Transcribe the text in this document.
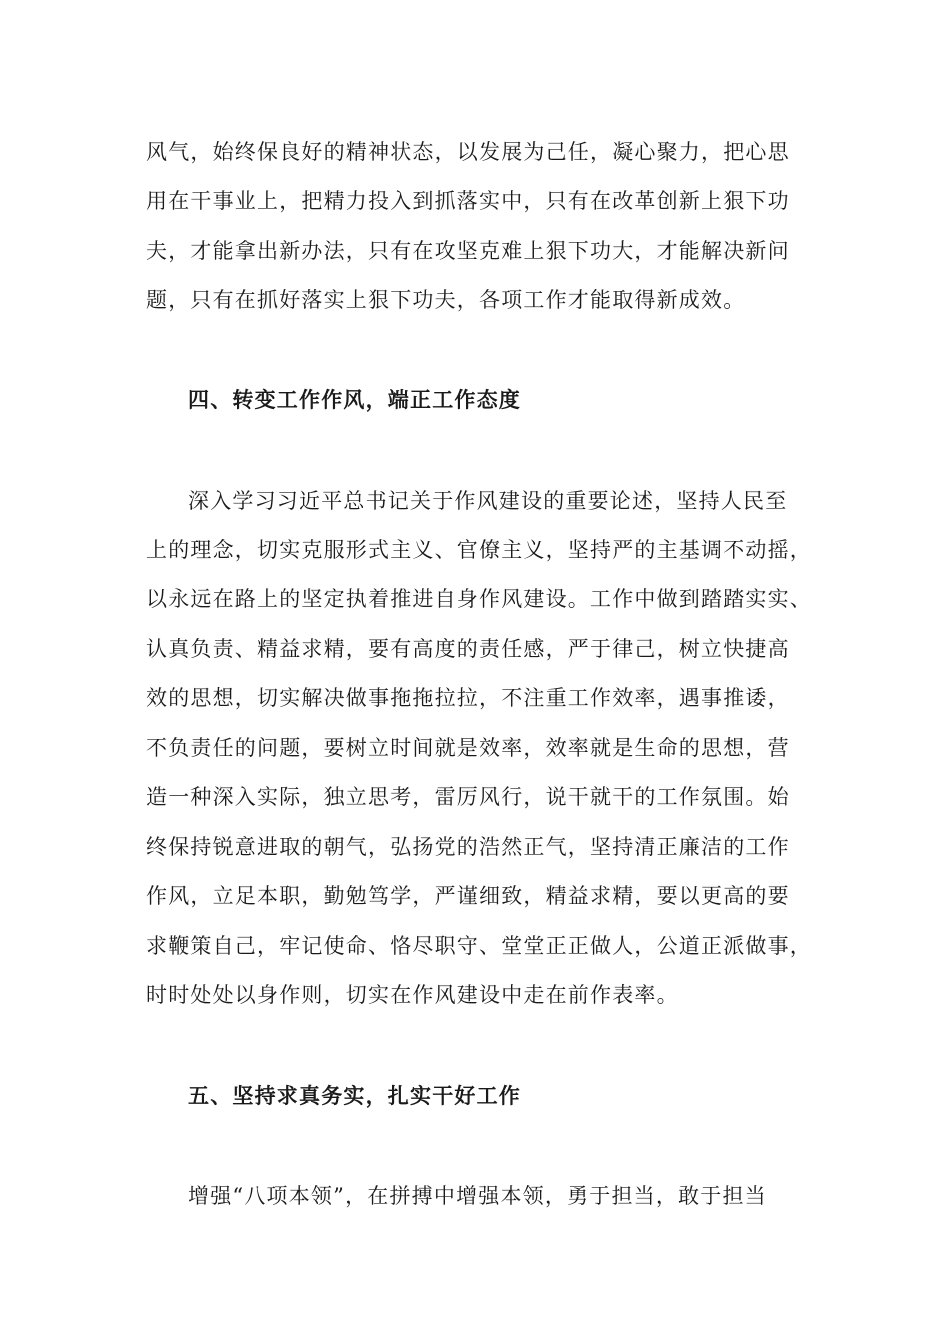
风气，始终保良好的精神状态，以发展为己任，凝心聚力，把心思
用在干事业上，把精力投入到抓落实中，只有在改革创新上狠下功
夫，才能拿出新办法，只有在攻坚克难上狠下功大，才能解决新问
题，只有在抓好落实上狠下功夫，各项工作才能取得新成效。
四、转变工作作风，端正工作态度
深入学习习近平总书记关于作风建设的重要论述，坚持人民至
上的理念，切实克服形式主义、官僚主义，坚持严的主基调不动摇，
以永远在路上的坚定执着推进自身作风建设。工作中做到踏踏实实、
认真负责、精益求精，要有高度的责任感，严于律己，树立快捷高
效的思想，切实解决做事拖拖拉拉，不注重工作效率，遇事推诿，
不负责任的问题，要树立时间就是效率，效率就是生命的思想，营
造一种深入实际，独立思考，雷厉风行，说干就干的工作氛围。始
终保持锐意进取的朝气，弘扬党的浩然正气，坚持清正廉洁的工作
作风，立足本职，勤勉笃学，严谨细致，精益求精，要以更高的要
求鞭策自己，牢记使命、恪尽职守、堂堂正正做人，公道正派做事，
时时处处以身作则，切实在作风建设中走在前作表率。
五、坚持求真务实，扎实干好工作
增强“八项本领”，在拼搏中增强本领，勇于担当，敢于担当
